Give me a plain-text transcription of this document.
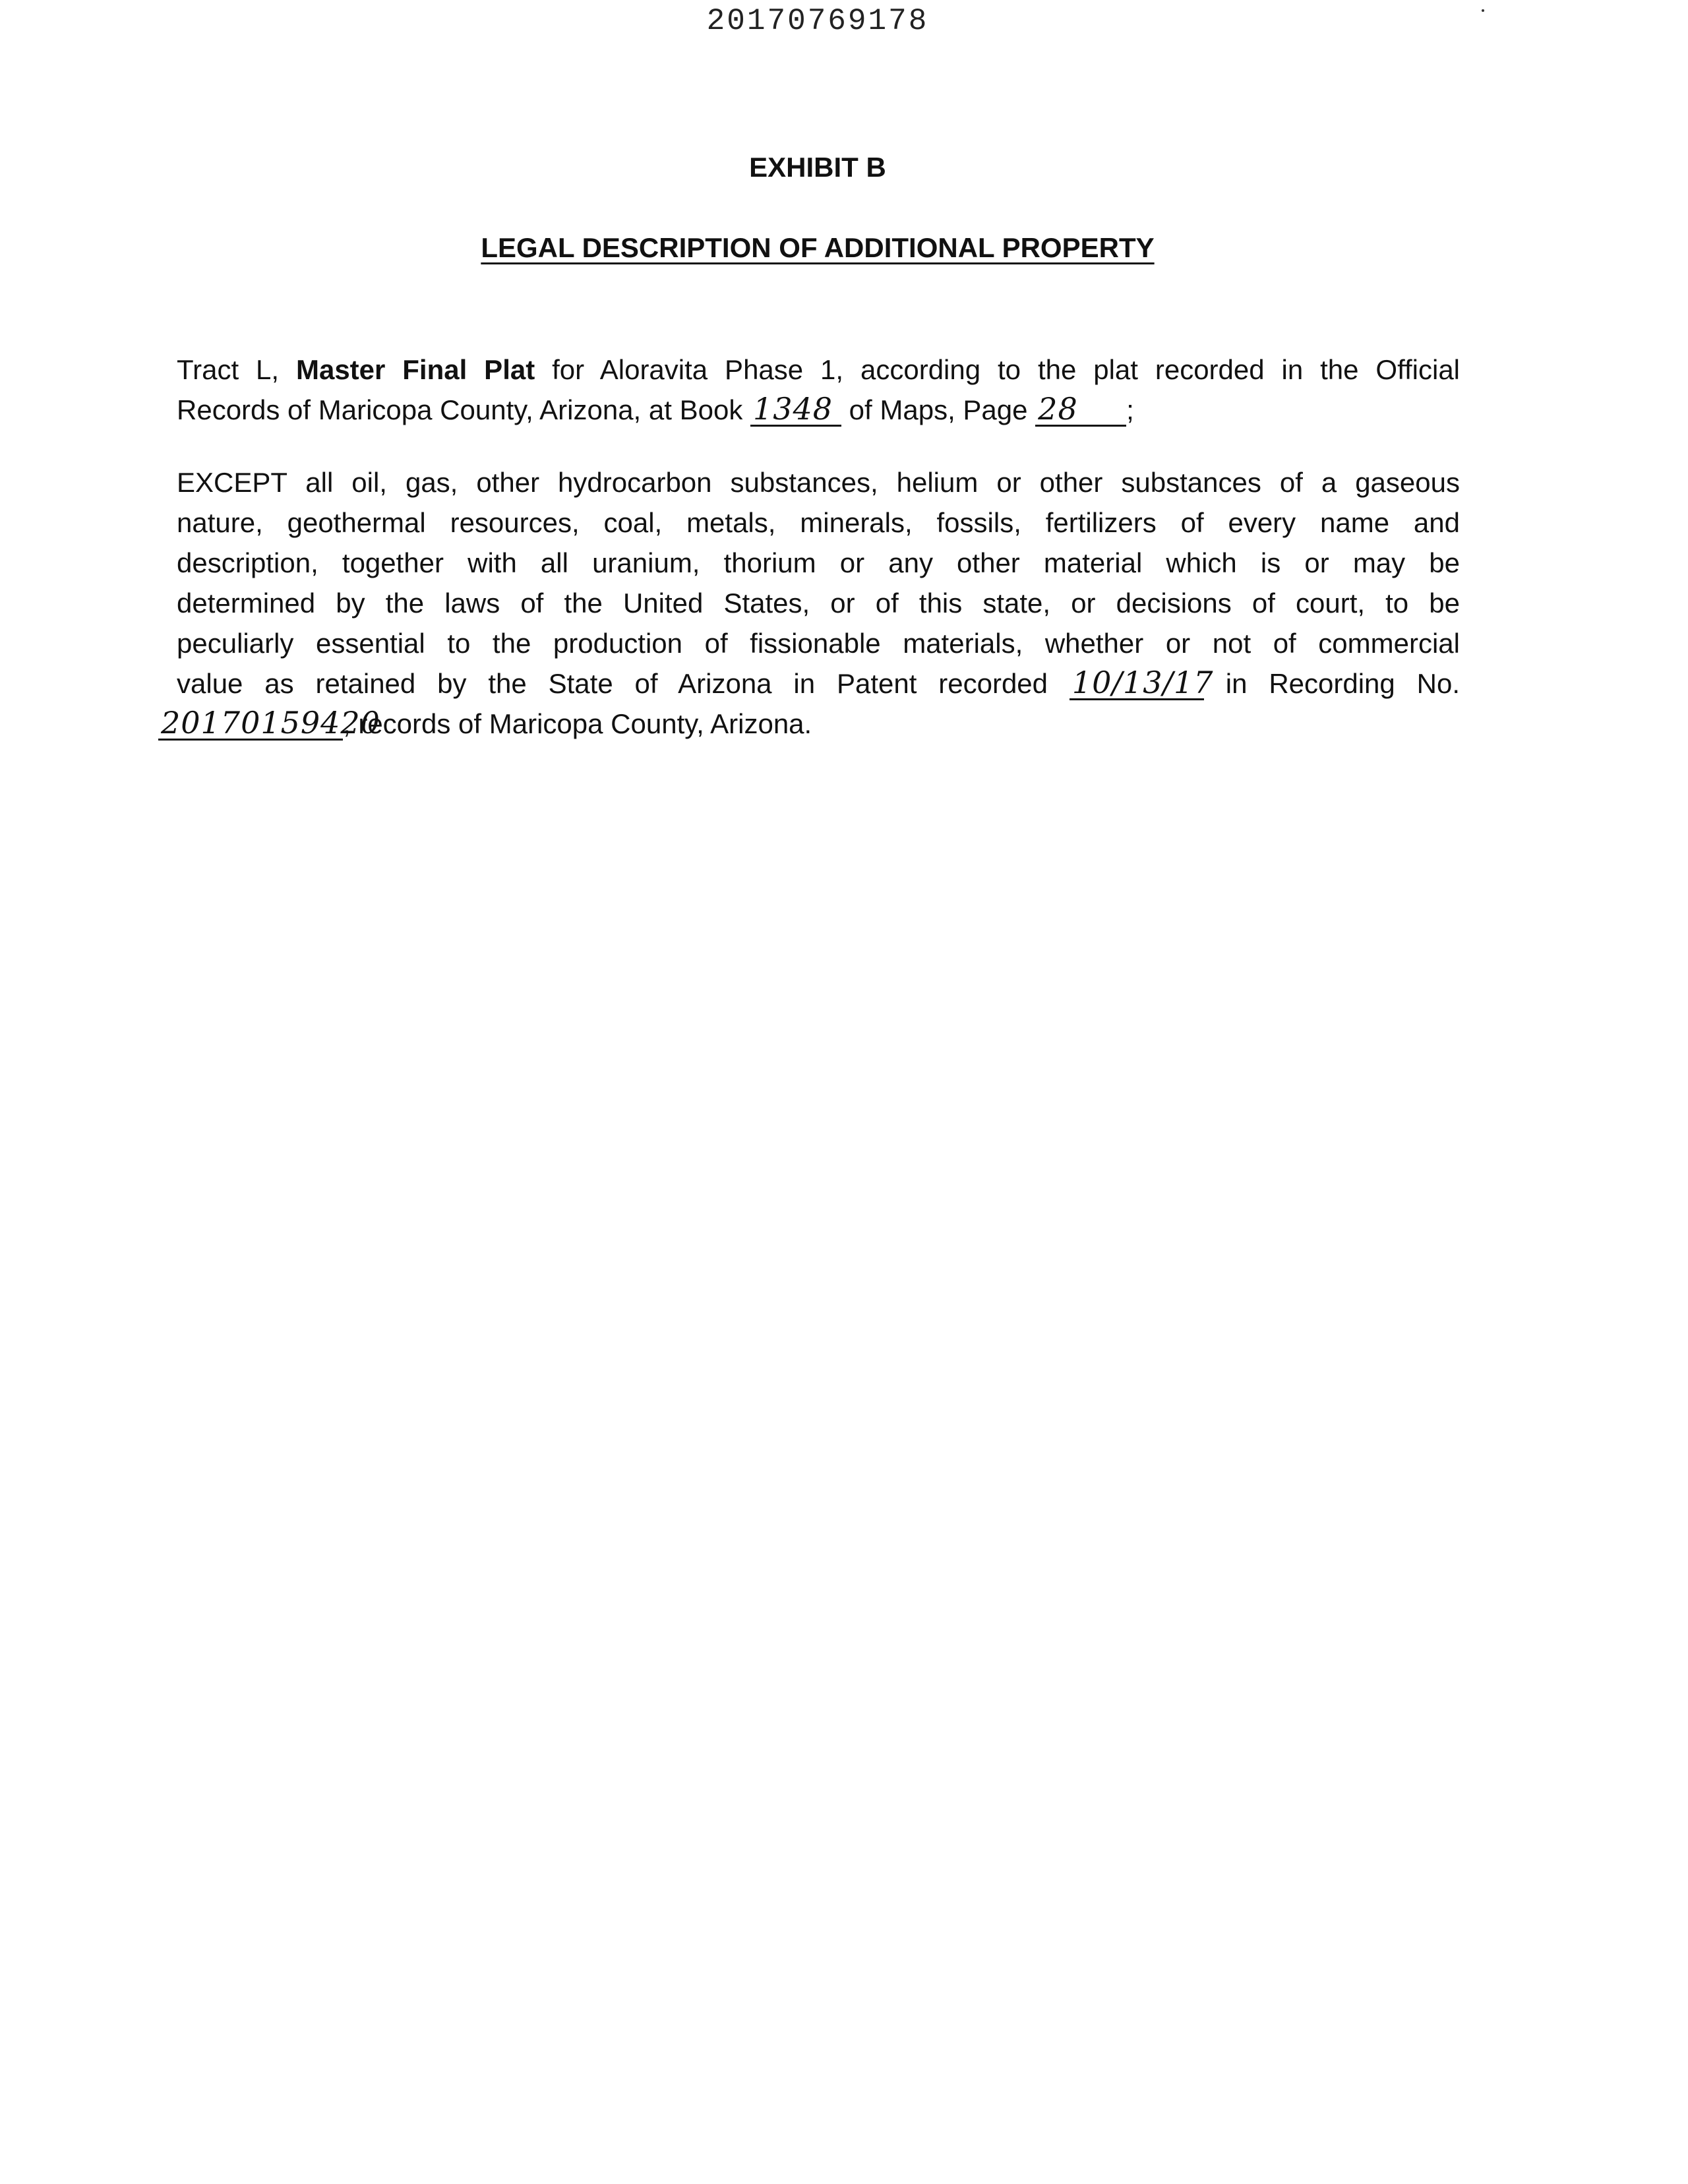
20170769178
EXHIBIT B
LEGAL DESCRIPTION OF ADDITIONAL PROPERTY
Tract L, Master Final Plat for Aloravita Phase 1, according to the plat recorded in the Official
Records of Maricopa County, Arizona, at Book 1348 of Maps, Page 28 ;
EXCEPT all oil, gas, other hydrocarbon substances, helium or other substances of a gaseous
nature, geothermal resources, coal, metals, minerals, fossils, fertilizers of every name and
description, together with all uranium, thorium or any other material which is or may be
determined by the laws of the United States, or of this state, or decisions of court, to be
peculiarly essential to the production of fissionable materials, whether or not of commercial
value as retained by the State of Arizona in Patent recorded 10/13/17 in Recording No.
20170159420, records of Maricopa County, Arizona.
